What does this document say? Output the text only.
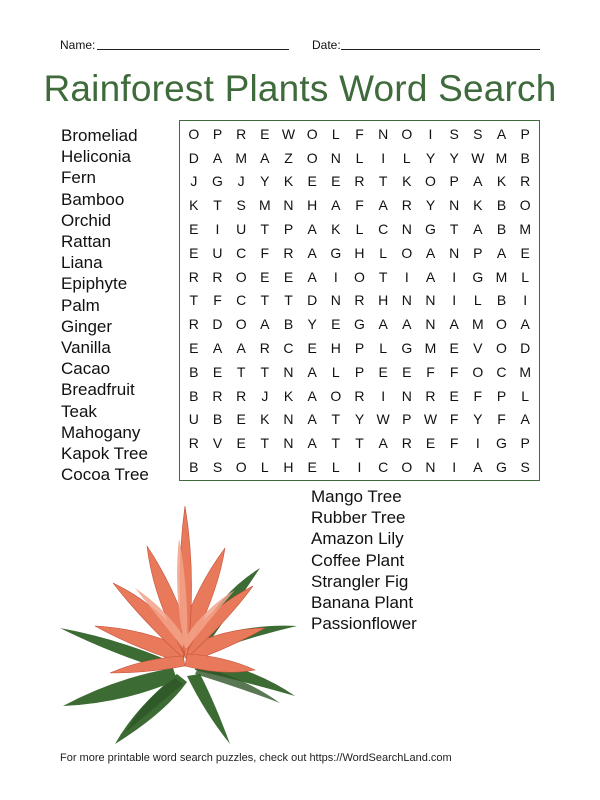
Name:	Date:
Rainforest Plants Word Search
Bromeliad
Heliconia
Fern
Bamboo
Orchid
Rattan
Liana
Epiphyte
Palm
Ginger
Vanilla
Cacao
Breadfruit
Teak
Mahogany
Kapok Tree
Cocoa Tree
Mango Tree
Rubber Tree
Amazon Lily
Coffee Plant
Strangler Fig
Banana Plant
Passionflower
O P R E W O	L	F	N O	I	S	S	A	P
D A M A	Z O N	L	I	L	Y	Y W M B
J	G	J	Y	K	E	E R	T	K O P	A	K R
K	T	S M N H A	F	A R Y N K	B O
E	I	U	T	P	A	K	L	C N G T	A	B M
E U C	F	R A G H	L	O A N P	A	E
R R O E	E	A	I	O T	I	A	I	G M L
T	F	C	T	T	D N R H N N	I	L	B	I
R D O A	B	Y	E G A	A N A M O A
E	A	A R C E H P	L	G M E	V O D
B	E	T	T	N A	L	P	E	E	F	F O C M
B R R	J	K	A O R	I	N R E	F	P	L
U B	E	K N A	T	Y W P W F	Y	F	A
R V	E	T	N A	T	T	A R E	F	I	G P
B	S O	L	H E	L	I	C O N	I	A G S
For more printable word search puzzles, check out https://WordSearchLand.com
